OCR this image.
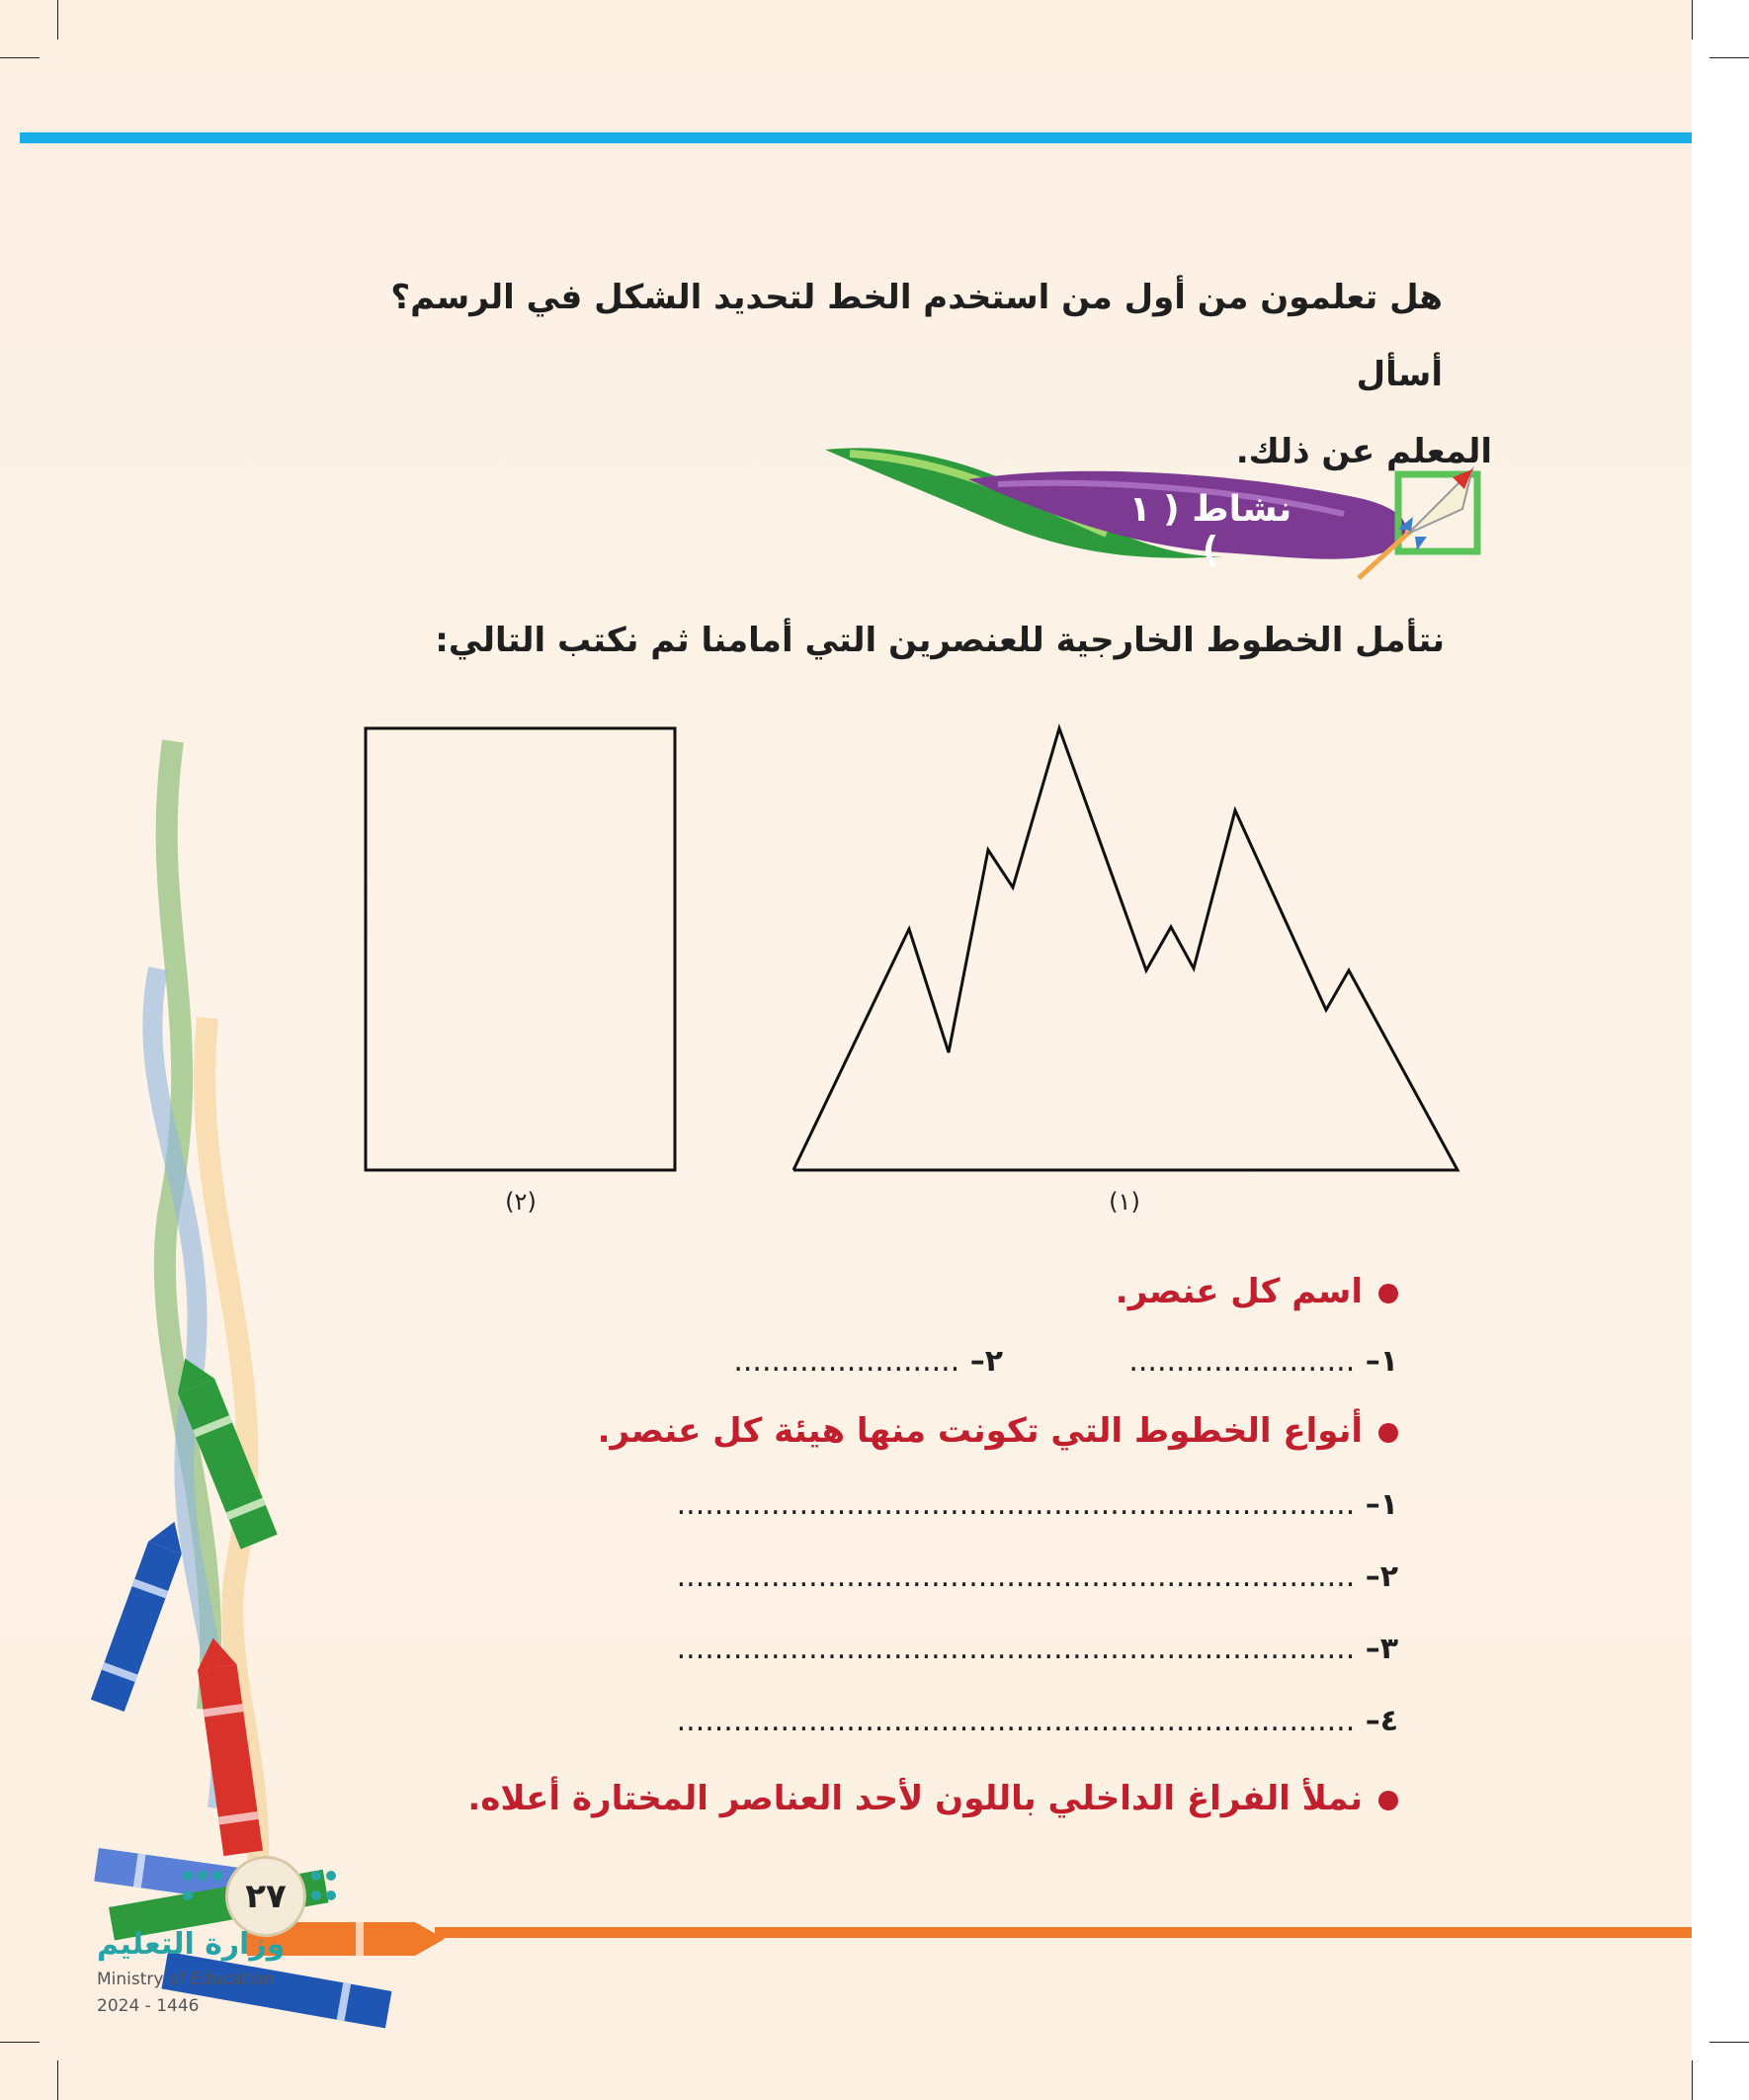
هل تعلمون من أول من استخدم الخط لتحديد الشكل في الرسم؟ أسأل
المعلم عن ذلك.
نشاط ( ١ )
نتأمل الخطوط الخارجية للعنصرين التي أمامنا ثم نكتب التالي:
(٢)	(١)
اسم كل عنصر.
١– ........................
٢– ........................
أنواع الخطوط التي تكونت منها هيئة كل عنصر.
١– ........................................................................
٢– ........................................................................
٣– ........................................................................
٤– ........................................................................
نملأ الفراغ الداخلي باللون لأحد العناصر المختارة أعلاه.
٢٧
وزارة التعليم
Ministry of Education
2024 - 1446
